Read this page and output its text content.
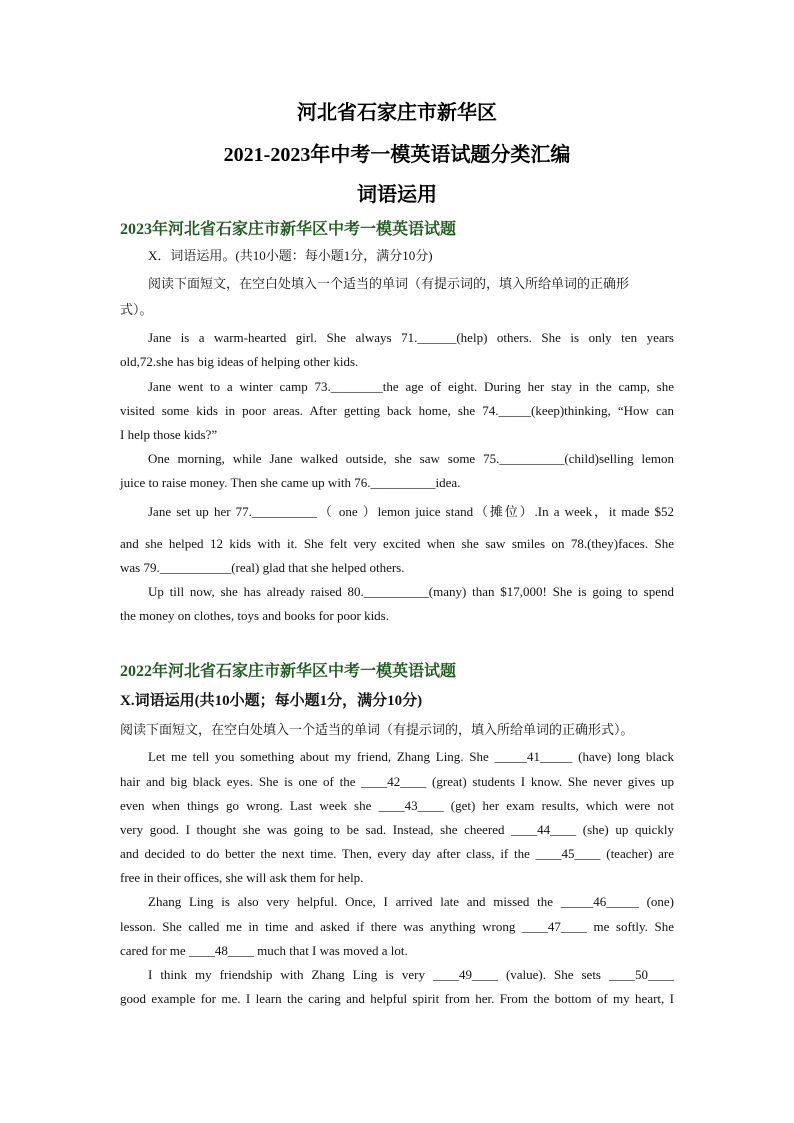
河北省石家庄市新华区
2021-2023年中考一模英语试题分类汇编
词语运用
2023年河北省石家庄市新华区中考一模英语试题
X．词语运用。(共10小题：每小题1分，满分10分)
阅读下面短文，在空白处填入一个适当的单词（有提示词的，填入所给单词的正确形
式）。
Jane is a warm-hearted girl. She always 71.______(help) others. She is only ten years
old,72.she has big ideas of helping other kids.
Jane went to a winter camp 73.________the age of eight. During her stay in the camp, she
visited some kids in poor areas. After getting back home, she 74._____(keep)thinking, “How can
I help those kids?”
One morning, while Jane walked outside, she saw some 75.__________(child)selling lemon
juice to raise money. Then she came up with 76.__________idea.
Jane set up her 77.__________（ one ）lemon juice stand（摊位）.In a week，it made $52
and she helped 12 kids with it. She felt very excited when she saw smiles on 78.(they)faces. She
was 79.___________(real) glad that she helped others.
Up till now, she has already raised 80.__________(many) than $17,000! She is going to spend
the money on clothes, toys and books for poor kids.
2022年河北省石家庄市新华区中考一模英语试题
X.词语运用(共10小题；每小题1分，满分10分)
阅读下面短文，在空白处填入一个适当的单词（有提示词的，填入所给单词的正确形式）。
Let me tell you something about my friend, Zhang Ling. She _____41_____ (have) long black
hair and big black eyes. She is one of the ____42____ (great) students I know. She never gives up
even when things go wrong. Last week she ____43____ (get) her exam results, which were not
very good. I thought she was going to be sad. Instead, she cheered ____44____ (she) up quickly
and decided to do better the next time. Then, every day after class, if the ____45____ (teacher) are
free in their offices, she will ask them for help.
Zhang Ling is also very helpful. Once, I arrived late and missed the _____46_____ (one)
lesson. She called me in time and asked if there was anything wrong ____47____ me softly. She
cared for me ____48____ much that I was moved a lot.
I think my friendship with Zhang Ling is very ____49____ (value). She sets ____50____
good example for me. I learn the caring and helpful spirit from her. From the bottom of my heart, I
